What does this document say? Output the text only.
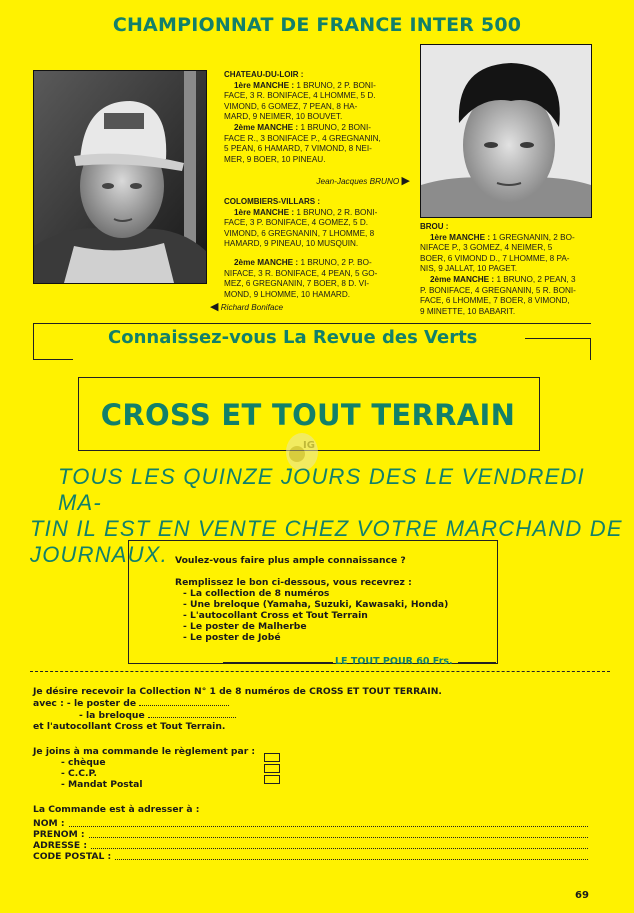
CHAMPIONNAT DE FRANCE INTER 500

CHATEAU-DU-LOIR :

1ère MANCHE : 1 BRUNO, 2 P. BONI-

FACE, 3 R. BONIFACE, 4 LHOMME, 5 D.

VIMOND, 6 GOMEZ, 7 PEAN, 8 HA-

MARD, 9 NEIMER, 10 BOUVET.

2ème MANCHE : 1 BRUNO, 2 BONI-

FACE R., 3 BONIFACE P., 4 GREGNANIN,

5 PEAN, 6 HAMARD, 7 VIMOND, 8 NEI-

MER, 9 BOER, 10 PINEAU.

Jean-Jacques BRUNO ▶

COLOMBIERS-VILLARS :

1ère MANCHE : 1 BRUNO, 2 R. BONI-

FACE, 3 P. BONIFACE, 4 GOMEZ, 5 D.

VIMOND, 6 GREGNANIN, 7 LHOMME, 8

HAMARD, 9 PINEAU, 10 MUSQUIN.

2ème MANCHE : 1 BRUNO, 2 P. BO-

NIFACE, 3 R. BONIFACE, 4 PEAN, 5 GO-

MEZ, 6 GREGNANIN, 7 BOER, 8 D. VI-

MOND, 9 LHOMME, 10 HAMARD.

◀ Richard Boniface

BROU :

1ère MANCHE : 1 GREGNANIN, 2 BO-

NIFACE P., 3 GOMEZ, 4 NEIMER, 5

BOER, 6 VIMOND D., 7 LHOMME, 8 PA-

NIS, 9 JALLAT, 10 PAGET.

2ème MANCHE : 1 BRUNO, 2 PEAN, 3

P. BONIFACE, 4 GREGNANIN, 5 R. BONI-

FACE, 6 LHOMME, 7 BOER, 8 VIMOND,

9 MINETTE, 10 BABARIT.

Connaissez-vous La Revue des Verts
CROSS ET TOUT TERRAIN
IG
TOUS LES QUINZE JOURS DES LE VENDREDI MA-
TIN IL EST EN VENTE CHEZ VOTRE MARCHAND DE
JOURNAUX. Voulez-vous faire plus ample connaissance ?

Remplissez le bon ci-dessous, vous recevrez :

- La collection de 8 numéros

- Une breloque (Yamaha, Suzuki, Kawasaki, Honda)

- L'autocollant Cross et Tout Terrain

- Le poster de Malherbe

- Le poster de Jobé

LE TOUT POUR 60 Frs.

Je désire recevoir la Collection N° 1 de 8 numéros de CROSS ET TOUT TERRAIN.

avec : - le poster de

- la breloque

et l'autocollant Cross et Tout Terrain.

Je joins à ma commande le règlement par :

- chèque

- C.C.P.

- Mandat Postal

La Commande est à adresser à :

NOM :

PRENOM :

ADRESSE :

CODE POSTAL :

69
